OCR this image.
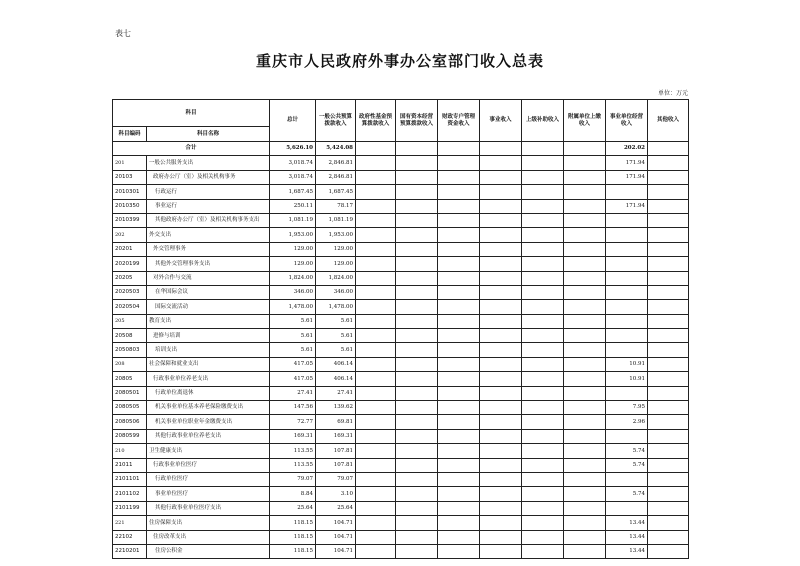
表七
重庆市人民政府外事办公室部门收入总表
单位：万元
科目		总计	一般公共预算拨款收入	政府性基金预算拨款收入	国有资本经营预算拨款收入	财政专户管理资金收入	事业收入	上级补助收入	附属单位上缴收入	事业单位经营收入	其他收入
科目编码	科目名称										
合计		5,626.10	5,424.08							202.02	
201	一般公共服务支出	3,018.74	2,846.81							171.94	
20103	政府办公厅（室）及相关机构事务	3,018.74	2,846.81							171.94	
2010301	行政运行	1,687.45	1,687.45								
2010350	事业运行	250.11	78.17							171.94	
2010399	其他政府办公厅（室）及相关机构事务支出	1,081.19	1,081.19								
202	外交支出	1,953.00	1,953.00								
20201	外交管理事务	129.00	129.00								
2020199	其他外交管理事务支出	129.00	129.00								
20205	对外合作与交流	1,824.00	1,824.00								
2020503	在华国际会议	346.00	346.00								
2020504	国际交流活动	1,478.00	1,478.00								
205	教育支出	5.61	5.61								
20508	进修与培训	5.61	5.61								
2050803	培训支出	5.61	5.61								
208	社会保障和就业支出	417.05	406.14							10.91	
20805	行政事业单位养老支出	417.05	406.14							10.91	
2080501	行政单位离退休	27.41	27.41								
2080505	机关事业单位基本养老保险缴费支出	147.56	139.62							7.95	
2080506	机关事业单位职业年金缴费支出	72.77	69.81							2.96	
2080599	其他行政事业单位养老支出	169.31	169.31								
210	卫生健康支出	113.55	107.81							5.74	
21011	行政事业单位医疗	113.55	107.81							5.74	
2101101	行政单位医疗	79.07	79.07								
2101102	事业单位医疗	8.84	3.10							5.74	
2101199	其他行政事业单位医疗支出	25.64	25.64								
221	住房保障支出	118.15	104.71							13.44	
22102	住房改革支出	118.15	104.71							13.44	
2210201	住房公积金	118.15	104.71							13.44	
